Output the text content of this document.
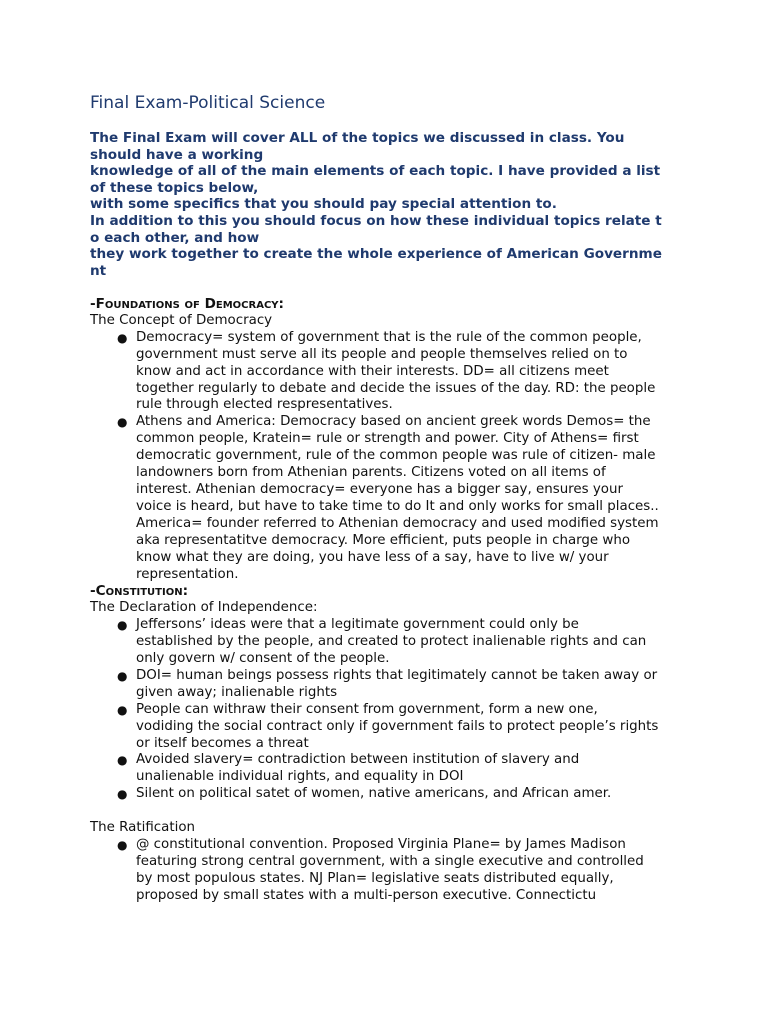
Final Exam-Political Science
The Final Exam will cover ALL of the topics we discussed in class. You
should have a working
knowledge of all of the main elements of each topic. I have provided a list
of these topics below,
with some specifics that you should pay special attention to.
In addition to this you should focus on how these individual topics relate t
o each other, and how
they work together to create the whole experience of American Governme
nt
-Foundations of Democracy:
The Concept of Democracy
● Democracy= system of government that is the rule of the common people,
government must serve all its people and people themselves relied on to
know and act in accordance with their interests. DD= all citizens meet
together regularly to debate and decide the issues of the day. RD: the people
rule through elected respresentatives.
● Athens and America: Democracy based on ancient greek words Demos= the
common people, Kratein= rule or strength and power. City of Athens= first
democratic government, rule of the common people was rule of citizen- male
landowners born from Athenian parents. Citizens voted on all items of
interest. Athenian democracy= everyone has a bigger say, ensures your
voice is heard, but have to take time to do It and only works for small places..
America= founder referred to Athenian democracy and used modified system
aka representatitve democracy. More efficient, puts people in charge who
know what they are doing, you have less of a say, have to live w/ your
representation.
-Constitution:
The Declaration of Independence:
● Jeffersons’ ideas were that a legitimate government could only be
established by the people, and created to protect inalienable rights and can
only govern w/ consent of the people.
● DOI= human beings possess rights that legitimately cannot be taken away or
given away; inalienable rights
● People can withraw their consent from government, form a new one,
vodiding the social contract only if government fails to protect people’s rights
or itself becomes a threat
● Avoided slavery= contradiction between institution of slavery and
unalienable individual rights, and equality in DOI
● Silent on political satet of women, native americans, and African amer.
The Ratification
● @ constitutional convention. Proposed Virginia Plane= by James Madison
featuring strong central government, with a single executive and controlled
by most populous states. NJ Plan= legislative seats distributed equally,
proposed by small states with a multi-person executive. Connectictu
